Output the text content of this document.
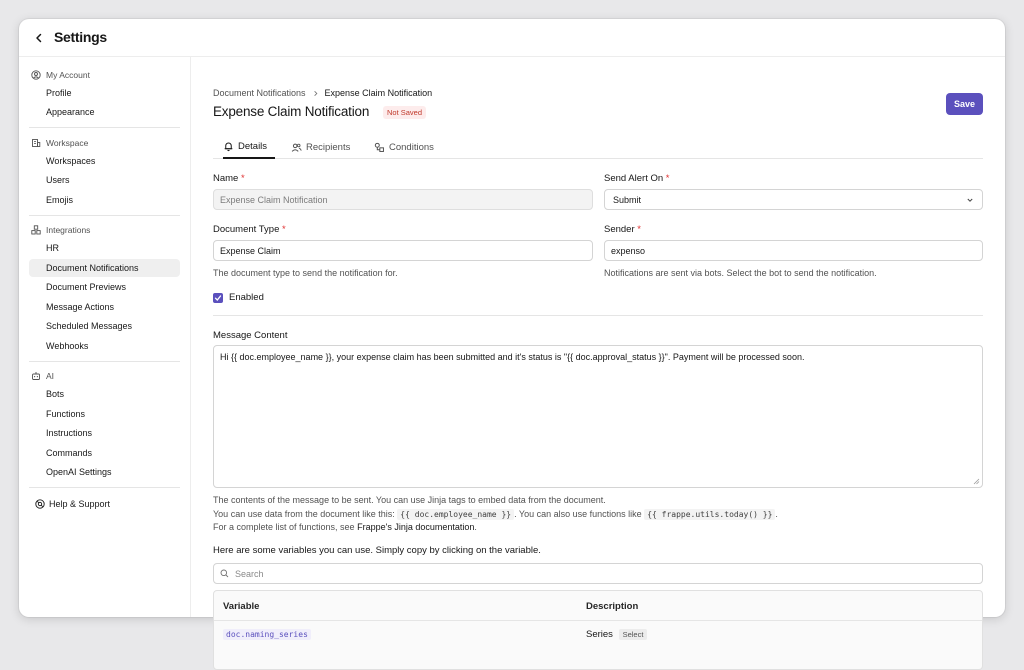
Settings
My Account
Profile
Appearance
Workspace
Workspaces
Users
Emojis
Integrations
HR
Document Notifications
Document Previews
Message Actions
Scheduled Messages
Webhooks
AI
Bots
Functions
Instructions
Commands
OpenAI Settings
Help & Support
Document Notifications Expense Claim Notification
Expense Claim Notification	Not Saved
Save
Details	Recipients	Conditions
Name *
Expense Claim Notification
Send Alert On *
Submit
Document Type *
Expense Claim
The document type to send the notification for.
Sender *
expenso
Notifications are sent via bots. Select the bot to send the notification.
Enabled
Message Content
Hi {{ doc.employee_name }}, your expense claim has been submitted and it's status is "{{ doc.approval_status }}". Payment will be processed soon.
The contents of the message to be sent. You can use Jinja tags to embed data from the document.
You can use data from the document like this: {{ doc.employee_name }} . You can also use functions like {{ frappe.utils.today() }} .
For a complete list of functions, see Frappe's Jinja documentation.
Here are some variables you can use. Simply copy by clicking on the variable.
Search
Variable	Description
doc.naming_series	Series Select
